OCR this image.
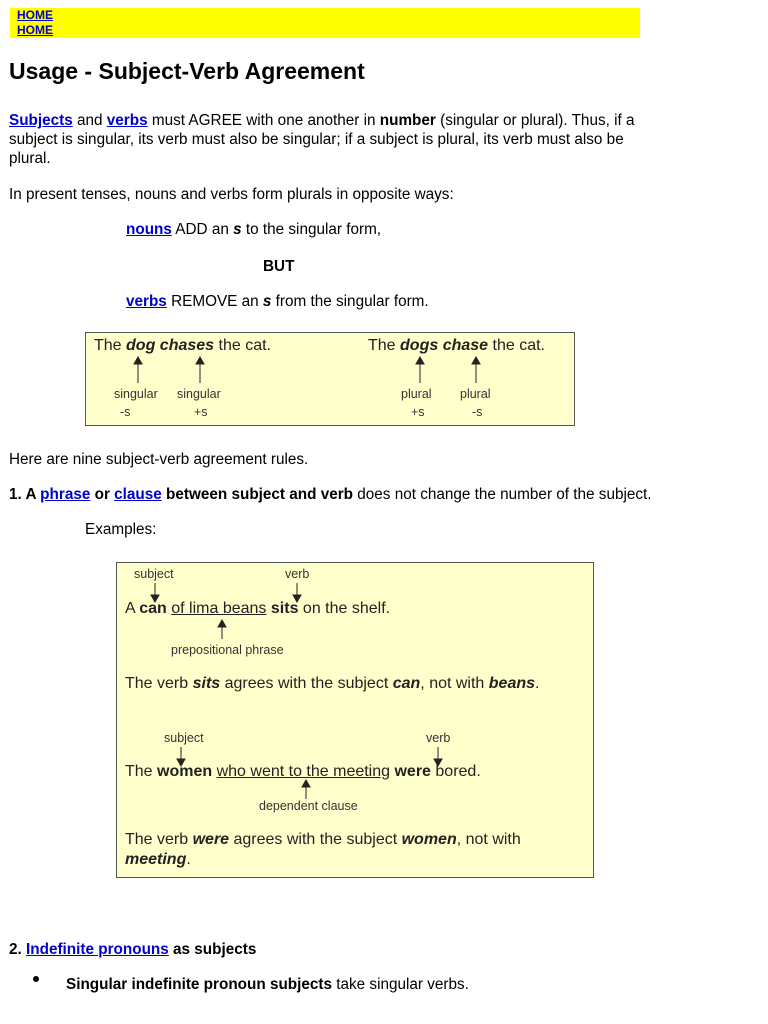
HOME
HOME
Usage - Subject-Verb Agreement
Subjects and verbs must AGREE with one another in number (singular or plural). Thus, if a
subject is singular, its verb must also be singular; if a subject is plural, its verb must also be
plural.
In present tenses, nouns and verbs form plurals in opposite ways:
nouns ADD an s to the singular form,
BUT
verbs REMOVE an s from the singular form.
The dog chases the cat.	The dogs chase the cat.
singular
-s
singular
+s
plural
+s
plural
-s
Here are nine subject-verb agreement rules.
1. A phrase or clause between subject and verb does not change the number of the subject.
Examples:
subject	verb
A can of lima beans sits on the shelf.
prepositional phrase
The verb sits agrees with the subject can, not with beans.
subject	verb
The women who went to the meeting were bored.
dependent clause
The verb were agrees with the subject women, not with
meeting.
2. Indefinite pronouns as subjects
Singular indefinite pronoun subjects take singular verbs.
